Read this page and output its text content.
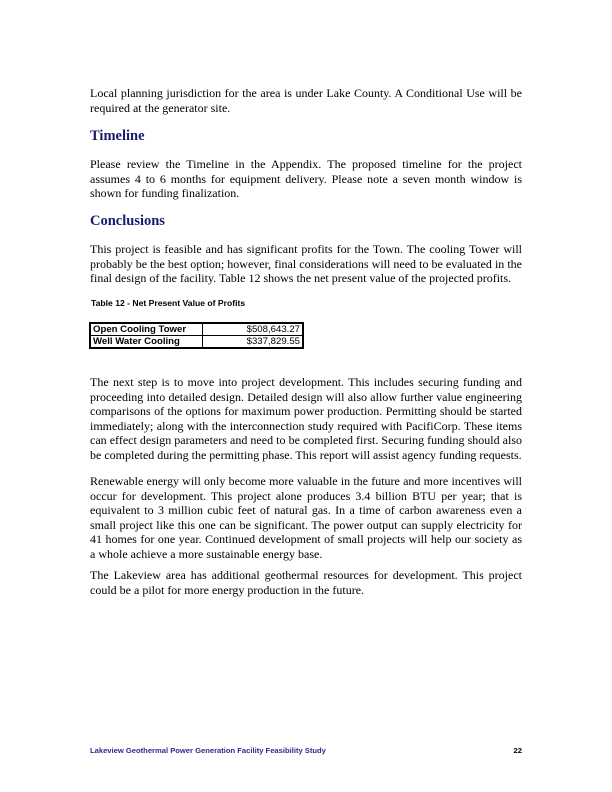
Local planning jurisdiction for the area is under Lake County. A Conditional Use will be required at the generator site.

Timeline

Please review the Timeline in the Appendix. The proposed timeline for the project assumes 4 to 6 months for equipment delivery. Please note a seven month window is shown for funding finalization.

Conclusions

This project is feasible and has significant profits for the Town. The cooling Tower will probably be the best option; however, final considerations will need to be evaluated in the final design of the facility. Table 12 shows the net present value of the projected profits.

Table 12 - Net Present Value of Profits

Open Cooling Tower	$508,643.27
Well Water Cooling	$337,829.55

The next step is to move into project development. This includes securing funding and proceeding into detailed design. Detailed design will also allow further value engineering comparisons of the options for maximum power production. Permitting should be started immediately; along with the interconnection study required with PacifiCorp. These items can effect design parameters and need to be completed first. Securing funding should also be completed during the permitting phase. This report will assist agency funding requests.

Renewable energy will only become more valuable in the future and more incentives will occur for development. This project alone produces 3.4 billion BTU per year; that is equivalent to 3 million cubic feet of natural gas. In a time of carbon awareness even a small project like this one can be significant. The power output can supply electricity for 41 homes for one year. Continued development of small projects will help our society as a whole achieve a more sustainable energy base.

The Lakeview area has additional geothermal resources for development. This project could be a pilot for more energy production in the future.

Lakeview Geothermal Power Generation Facility Feasibility Study	22
